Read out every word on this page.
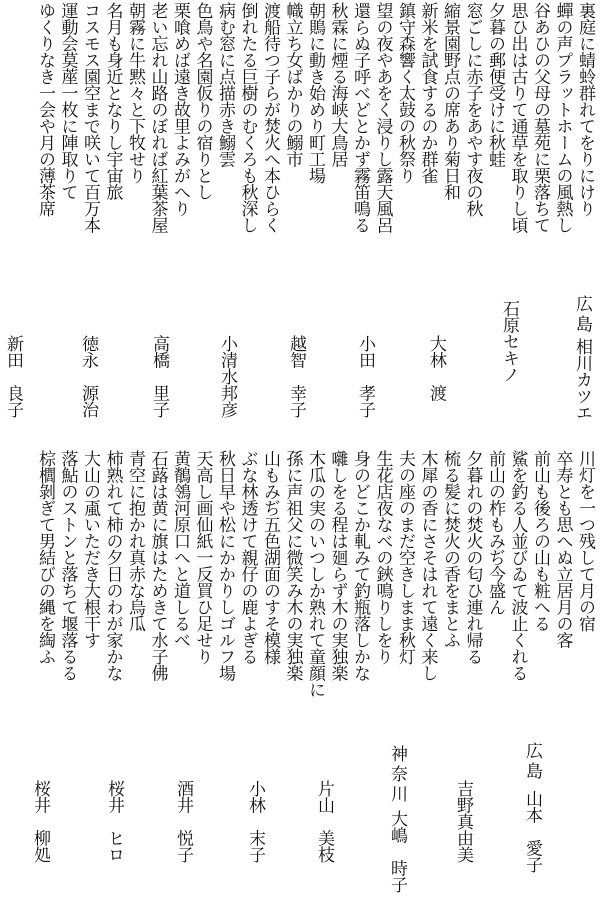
裏庭に蜻蛉群れてをりにけり
蟬の声プラットホームの風熱し
谷あひの父母の墓苑に栗落ちて
思ひ出は古りて通草を取りし頃
夕暮の郵便受けに秋蛙
窓ごしに赤子をあやす夜の秋
縮景園野点の席あり菊日和
新米を試食するのか群雀
鎮守森響く太鼓の秋祭り
望の夜やあをく浸りし露天風呂
還らぬ子呼べどとかず霧笛鳴る
秋霖に煙る海峡大鳥居
朝鵙に動き始めり町工場
幟立ち女ばかりの鰯市
渡船待つ子らが焚火へ本ひらく
倒れたる巨樹のむくろも秋深し
病む窓に点描赤き鰯雲
色鳥や名園仮りの宿りとし
栗喰めば遠き故里よみがへり
老い忘れ山路のぼれば紅葉茶屋
朝霧に牛黙々と下牧せり
名月も身近となりし宇宙旅
コスモス園空まで咲いて百万本
運動会莫蓙一枚に陣取りて
ゆくりなき一会や月の薄茶席
相川カツエ
広島
石原セキノ
大林　渡
小田　孝子
越智　幸子
小清水邦彦
高橋　里子
徳永　源治
新田　良子
川灯を一つ残して月の宿
卒寿とも思へぬ立居月の客
前山も後ろの山も粧へる
鯊を釣る人並びゐて波止くれる
前山の柞もみぢ今盛ん
夕暮れの焚火の匂ひ連れ帰る
梳る髪に焚火の香をまとふ
木犀の香にさそはれて遠く来し
夫の座のまだ空きしまま秋灯
生花店夜なべの鋏鳴りしをり
身のどこか軋みて釣瓶落しかな
囃しをる程は廻らず木の実独楽
木瓜の実のいつしか熟れて童顔に
孫に声祖父に微笑み木の実独楽
山もみぢ五色湖面のすそ模様
ぶな林透けて親仔の鹿よぎる
秋日早や松にかかりしゴルフ場
天高し画仙紙一反買ひ足せり
黄鶺鴒河原口へと道しるべ
石蕗は黄に旗はためきて水子佛
青空に抱かれ真赤な烏瓜
柿熟れて柿の夕日のわが家かな
大山の颪いただき大根干す
落鮎のストンと落ちて堰落るる
棕櫚剝ぎて男結びの縄を綯ふ
山本　愛子
広島
吉野真由美
大嶋　時子
神奈川
片山　美枝
小林　末子
酒井　悦子
桜井　ヒロ
桜井　柳処
